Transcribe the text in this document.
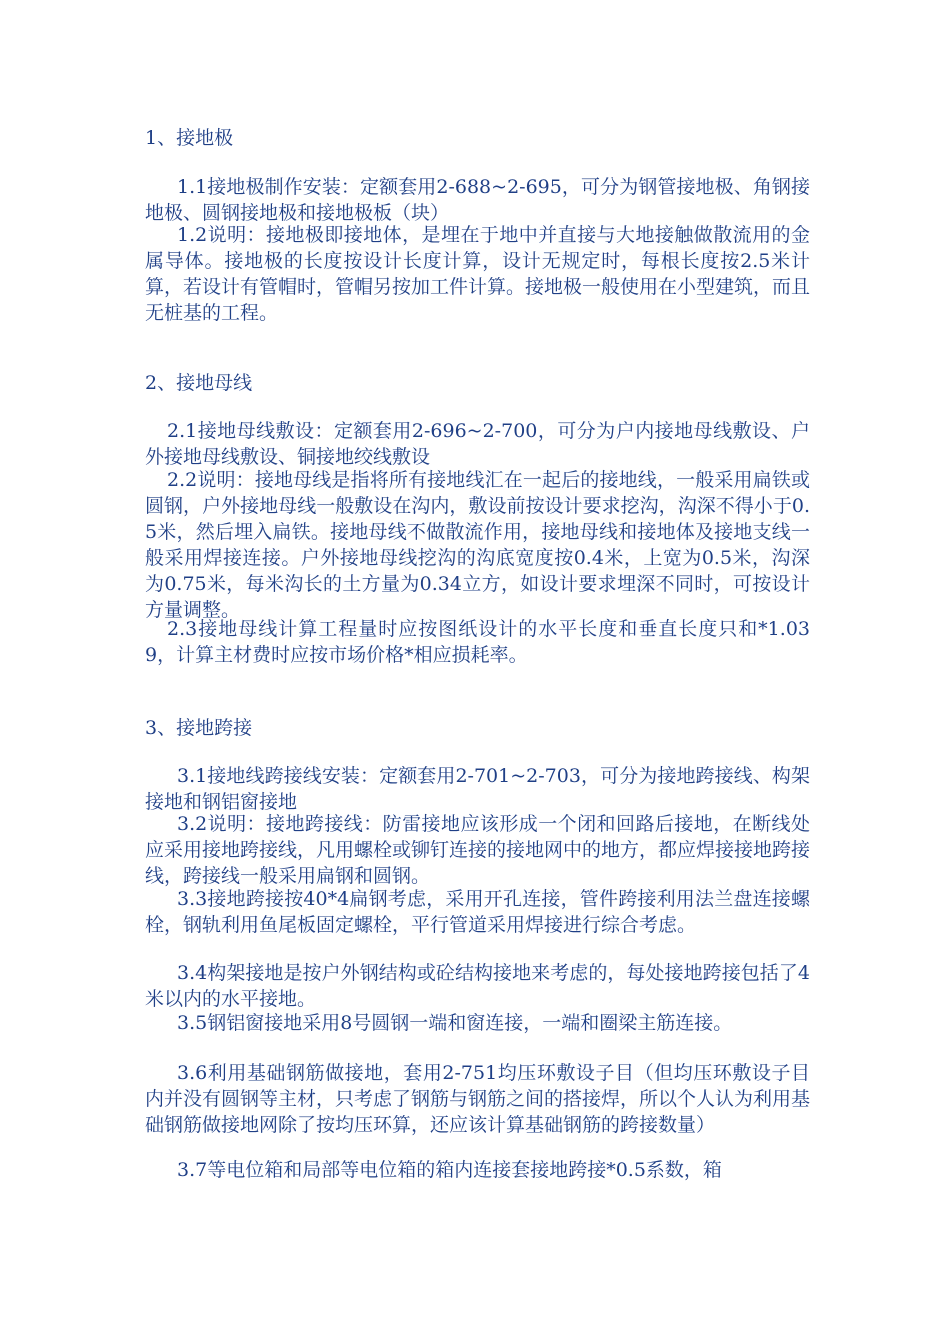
1、接地极
1.1接地极制作安装：定额套用2-688~2-695，可分为钢管接地极、角钢接地极、圆钢接地极和接地极板（块）
1.2说明：接地极即接地体，是埋在于地中并直接与大地接触做散流用的金属导体。接地极的长度按设计长度计算，设计无规定时，每根长度按2.5米计算，若设计有管帽时，管帽另按加工件计算。接地极一般使用在小型建筑，而且无桩基的工程。
2、接地母线
2.1接地母线敷设：定额套用2-696~2-700，可分为户内接地母线敷设、户外接地母线敷设、铜接地绞线敷设
2.2说明：接地母线是指将所有接地线汇在一起后的接地线，一般采用扁铁或圆钢，户外接地母线一般敷设在沟内，敷设前按设计要求挖沟，沟深不得小于0.5米，然后埋入扁铁。接地母线不做散流作用，接地母线和接地体及接地支线一般采用焊接连接。户外接地母线挖沟的沟底宽度按0.4米，上宽为0.5米，沟深为0.75米，每米沟长的土方量为0.34立方，如设计要求埋深不同时，可按设计方量调整。
2.3接地母线计算工程量时应按图纸设计的水平长度和垂直长度只和*1.039，计算主材费时应按市场价格*相应损耗率。
3、接地跨接
3.1接地线跨接线安装：定额套用2-701~2-703，可分为接地跨接线、构架接地和钢铝窗接地
3.2说明：接地跨接线：防雷接地应该形成一个闭和回路后接地，在断线处应采用接地跨接线，凡用螺栓或铆钉连接的接地网中的地方，都应焊接接地跨接线，跨接线一般采用扁钢和圆钢。
3.3接地跨接按40*4扁钢考虑，采用开孔连接，管件跨接利用法兰盘连接螺栓，钢轨利用鱼尾板固定螺栓，平行管道采用焊接进行综合考虑。
3.4构架接地是按户外钢结构或砼结构接地来考虑的，每处接地跨接包括了4米以内的水平接地。
3.5钢铝窗接地采用8号圆钢一端和窗连接，一端和圈梁主筋连接。
3.6利用基础钢筋做接地，套用2-751均压环敷设子目（但均压环敷设子目内并没有圆钢等主材，只考虑了钢筋与钢筋之间的搭接焊，所以个人认为利用基础钢筋做接地网除了按均压环算，还应该计算基础钢筋的跨接数量）
3.7等电位箱和局部等电位箱的箱内连接套接地跨接*0.5系数，箱
